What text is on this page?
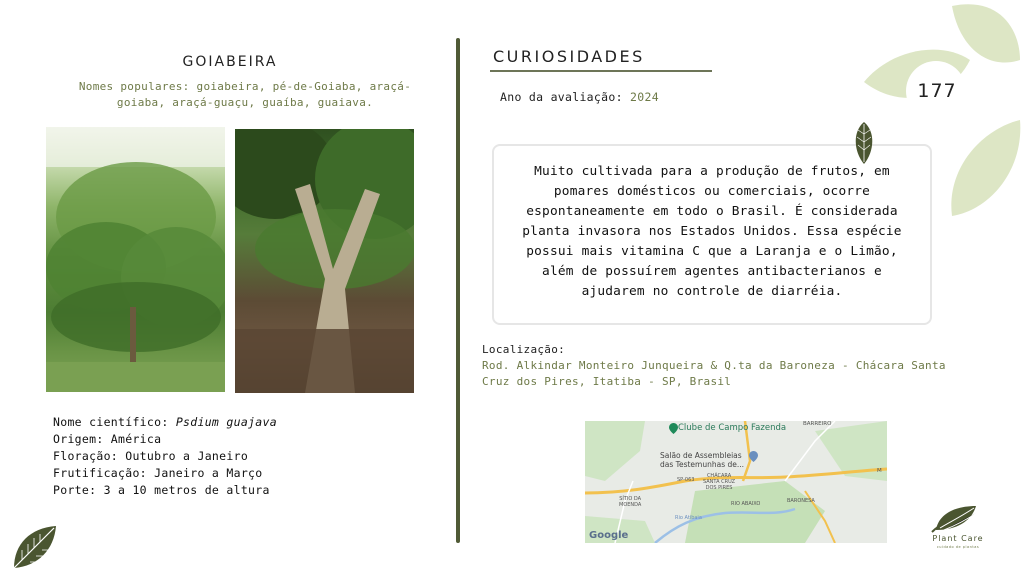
GOIABEIRA
Nomes populares: goiabeira, pé-de-Goiaba, araçá-goiaba, araçá-guaçu, guaíba, guaiava.
Nome científico: Psdium guajava
Origem: América
Floração: Outubro a Janeiro
Frutificação: Janeiro a Março
Porte: 3 a 10 metros de altura
CURIOSIDADES
Ano da avaliação: 2024
Muito cultivada para a produção de frutos, em pomares domésticos ou comerciais, ocorre espontaneamente em todo o Brasil. É considerada planta invasora nos Estados Unidos. Essa espécie possui mais vitamina C que a Laranja e o Limão, além de possuírem agentes antibacterianos e ajudarem no controle de diarréia.
Localização:
Rod. Alkindar Monteiro Junqueira & Q.ta da Baroneza - Chácara Santa Cruz dos Pires, Itatiba - SP, Brasil
Clube de Campo Fazenda	BARREIRO
Salão de Assembleias
das Testemunhas de...
SP-063
CHÁCARA
SANTA CRUZ
DOS PIRES
SÍTIO DA
MOENDA	RIO ABAIXO	BARONESA
M
Rio Atibaia
Google
177
Plant Care
cuidado de plantas
